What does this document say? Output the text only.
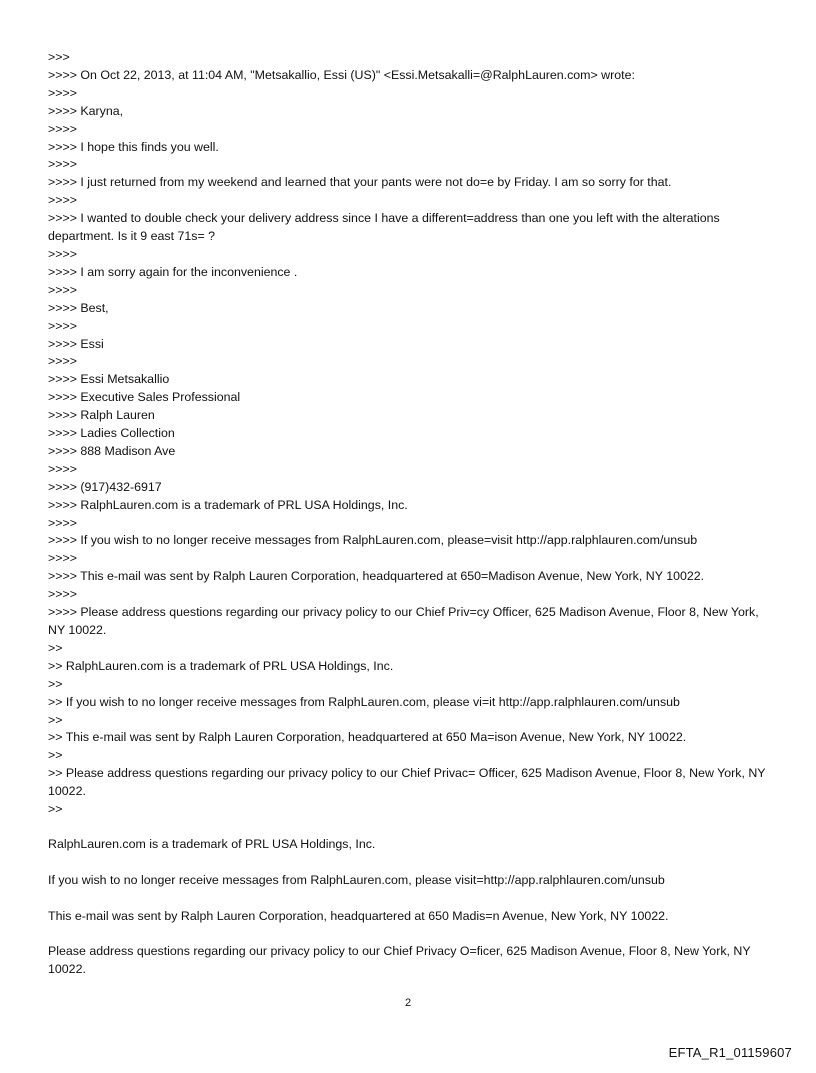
>>>

>>>> On Oct 22, 2013, at 11:04 AM, "Metsakallio, Essi (US)" <Essi.Metsakalli=@RalphLauren.com> wrote:

>>>>

>>>> Karyna,

>>>>

>>>> I hope this finds you well.

>>>>

>>>> I just returned from my weekend and learned that your pants were not do=e by Friday. I am so sorry for that.

>>>>

>>>> I wanted to double check your delivery address since I have a different=address than one you left with the alterations department. Is it 9 east 71s= ?

>>>>

>>>> I am sorry again for the inconvenience .

>>>>

>>>> Best,

>>>>

>>>> Essi

>>>>

>>>> Essi Metsakallio

>>>> Executive Sales Professional

>>>> Ralph Lauren

>>>> Ladies Collection

>>>> 888 Madison Ave

>>>>

>>>> (917)432-6917

>>>> RalphLauren.com is a trademark of PRL USA Holdings, Inc.

>>>>

>>>> If you wish to no longer receive messages from RalphLauren.com, please=visit http://app.ralphlauren.com/unsub

>>>>

>>>> This e-mail was sent by Ralph Lauren Corporation, headquartered at 650=Madison Avenue, New York, NY 10022.

>>>>

>>>> Please address questions regarding our privacy policy to our Chief Priv=cy Officer, 625 Madison Avenue, Floor 8, New York, NY 10022.

>>

>> RalphLauren.com is a trademark of PRL USA Holdings, Inc.

>>

>> If you wish to no longer receive messages from RalphLauren.com, please vi=it http://app.ralphlauren.com/unsub

>>

>> This e-mail was sent by Ralph Lauren Corporation, headquartered at 650 Ma=ison Avenue, New York, NY 10022.

>>

>> Please address questions regarding our privacy policy to our Chief Privac= Officer, 625 Madison Avenue, Floor 8, New York, NY 10022.

>>

RalphLauren.com is a trademark of PRL USA Holdings, Inc.

If you wish to no longer receive messages from RalphLauren.com, please visit=http://app.ralphlauren.com/unsub

This e-mail was sent by Ralph Lauren Corporation, headquartered at 650 Madis=n Avenue, New York, NY 10022.

Please address questions regarding our privacy policy to our Chief Privacy O=ficer, 625 Madison Avenue, Floor 8, New York, NY 10022.

2
EFTA_R1_01159607
